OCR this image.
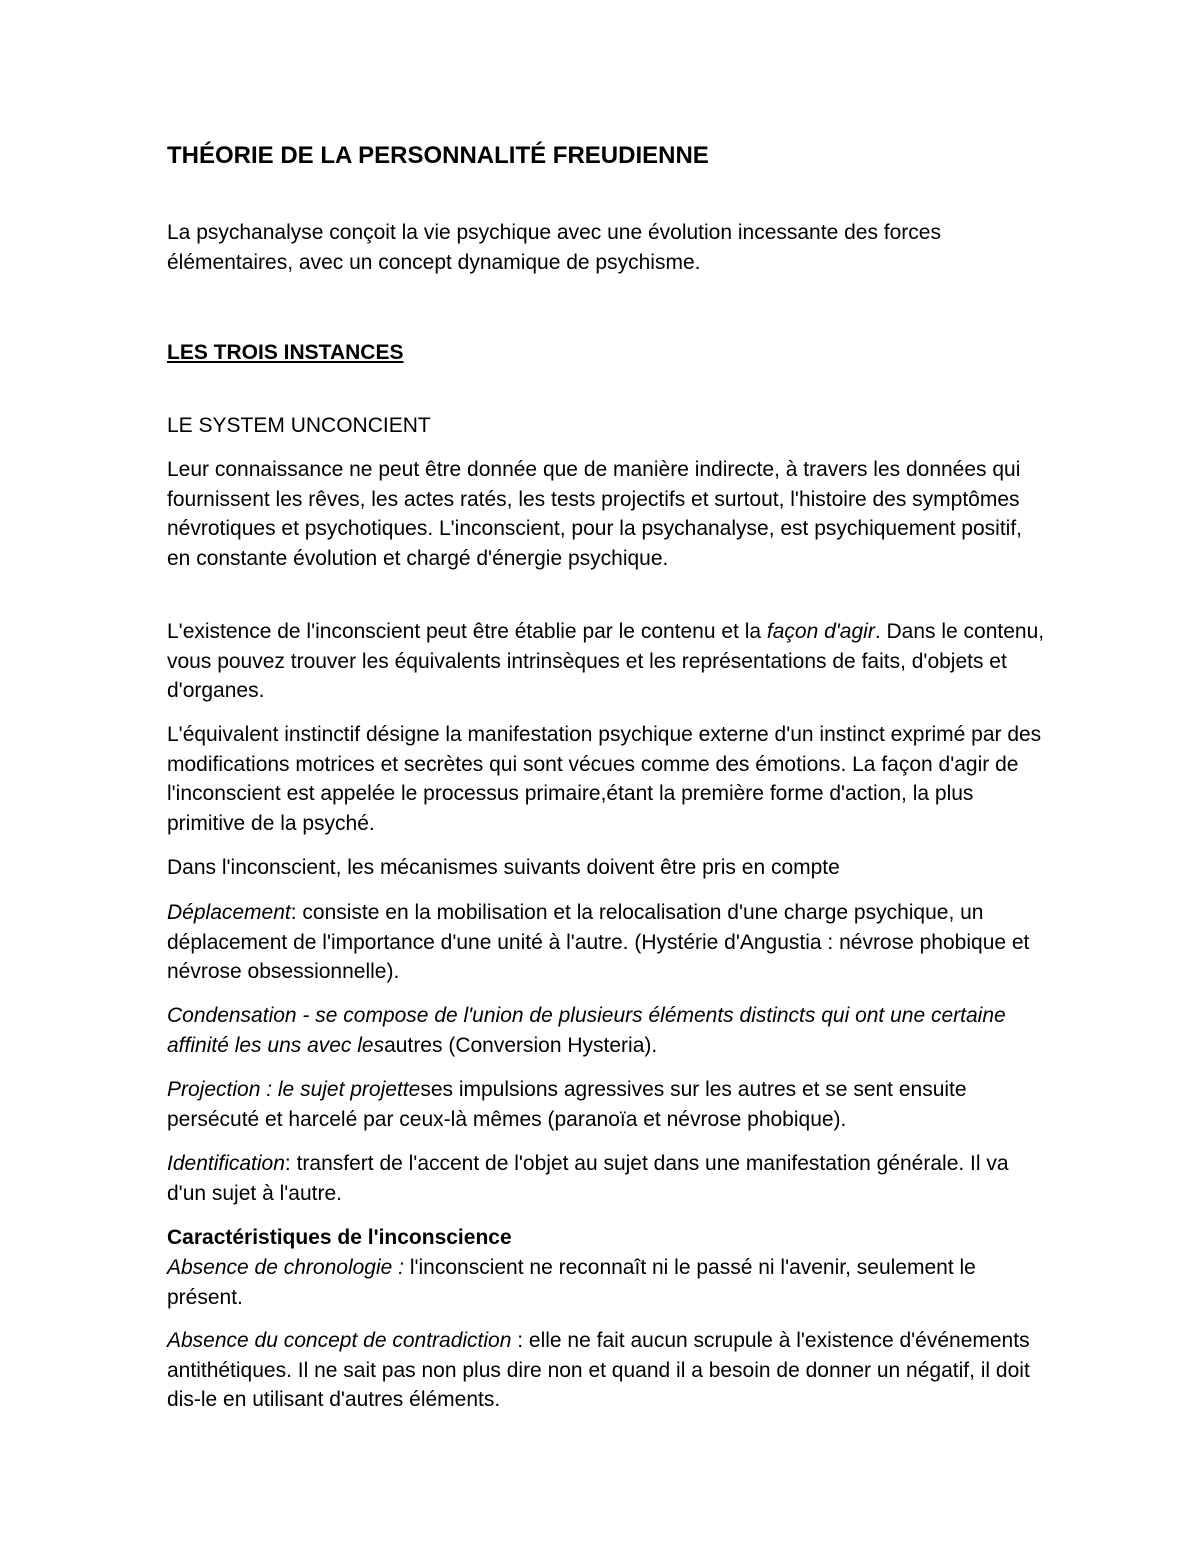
THÉORIE DE LA PERSONNALITÉ FREUDIENNE
La psychanalyse conçoit la vie psychique avec une évolution incessante des forces élémentaires, avec un concept dynamique de psychisme.
LES TROIS INSTANCES
LE SYSTEM UNCONCIENT
Leur connaissance ne peut être donnée que de manière indirecte, à travers les données qui fournissent les rêves, les actes ratés, les tests projectifs et surtout, l'histoire des symptômes névrotiques et psychotiques. L'inconscient, pour la psychanalyse, est psychiquement positif, en constante évolution et chargé d'énergie psychique.
L'existence de l'inconscient peut être établie par le contenu et la façon d'agir. Dans le contenu, vous pouvez trouver les équivalents intrinsèques et les représentations de faits, d'objets et d'organes.
L'équivalent instinctif désigne la manifestation psychique externe d'un instinct exprimé par des modifications motrices et secrètes qui sont vécues comme des émotions. La façon d'agir de l'inconscient est appelée le processus primaire,étant la première forme d'action, la plus primitive de la psyché.
Dans l'inconscient, les mécanismes suivants doivent être pris en compte
Déplacement: consiste en la mobilisation et la relocalisation d'une charge psychique, un déplacement de l'importance d'une unité à l'autre. (Hystérie d'Angustia : névrose phobique et névrose obsessionnelle).
Condensation - se compose de l'union de plusieurs éléments distincts qui ont une certaine affinité les uns avec lesautres (Conversion Hysteria).
Projection : le sujet projetteses impulsions agressives sur les autres et se sent ensuite persécuté et harcelé par ceux-là mêmes (paranoïa et névrose phobique).
Identification: transfert de l'accent de l'objet au sujet dans une manifestation générale. Il va d'un sujet à l'autre.
Caractéristiques de l'inconscience
Absence de chronologie : l'inconscient ne reconnaît ni le passé ni l'avenir, seulement le présent.
Absence du concept de contradiction : elle ne fait aucun scrupule à l'existence d'événements antithétiques. Il ne sait pas non plus dire non et quand il a besoin de donner un négatif, il doit dis-le en utilisant d'autres éléments.
